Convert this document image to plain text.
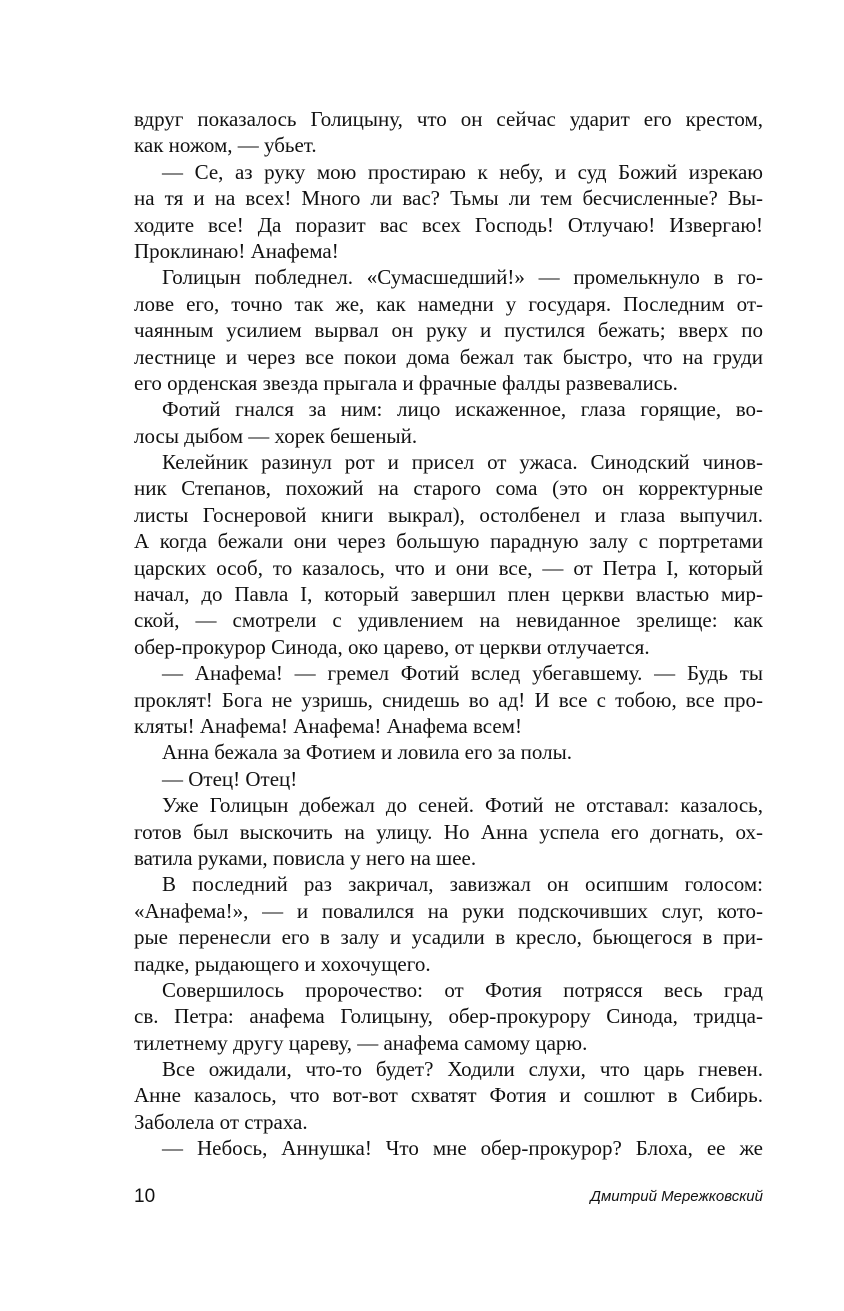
вдруг показалось Голицыну, что он сейчас ударит его крестом,
как ножом, — убьет.
— Се, аз руку мою простираю к небу, и суд Божий изрекаю
на тя и на всех! Много ли вас? Тьмы ли тем бесчисленные? Вы-
ходите все! Да поразит вас всех Господь! Отлучаю! Извергаю!
Проклинаю! Анафема!
Голицын побледнел. «Сумасшедший!» — промелькнуло в го-
лове его, точно так же, как намедни у государя. Последним от-
чаянным усилием вырвал он руку и пустился бежать; вверх по
лестнице и через все покои дома бежал так быстро, что на груди
его орденская звезда прыгала и фрачные фалды развевались.
Фотий гнался за ним: лицо искаженное, глаза горящие, во-
лосы дыбом — хорек бешеный.
Келейник разинул рот и присел от ужаса. Синодский чинов-
ник Степанов, похожий на старого сома (это он корректурные
листы Госнеровой книги выкрал), остолбенел и глаза выпучил.
А когда бежали они через большую парадную залу с портретами
царских особ, то казалось, что и они все, — от Петра I, который
начал, до Павла I, который завершил плен церкви властью мир-
ской, — смотрели с удивлением на невиданное зрелище: как
обер-прокурор Синода, око царево, от церкви отлучается.
— Анафема! — гремел Фотий вслед убегавшему. — Будь ты
проклят! Бога не узришь, снидешь во ад! И все с тобою, все про-
кляты! Анафема! Анафема! Анафема всем!
Анна бежала за Фотием и ловила его за полы.
— Отец! Отец!
Уже Голицын добежал до сеней. Фотий не отставал: казалось,
готов был выскочить на улицу. Но Анна успела его догнать, ох-
ватила руками, повисла у него на шее.
В последний раз закричал, завизжал он осипшим голосом:
«Анафема!», — и повалился на руки подскочивших слуг, кото-
рые перенесли его в залу и усадили в кресло, бьющегося в при-
падке, рыдающего и хохочущего.
Совершилось пророчество: от Фотия потрясся весь град
св. Петра: анафема Голицыну, обер-прокурору Синода, тридца-
тилетнему другу цареву, — анафема самому царю.
Все ожидали, что-то будет? Ходили слухи, что царь гневен.
Анне казалось, что вот-вот схватят Фотия и сошлют в Сибирь.
Заболела от страха.
— Небось, Аннушка! Что мне обер-прокурор? Блоха, ее же
10	Дмитрий Мережковский
